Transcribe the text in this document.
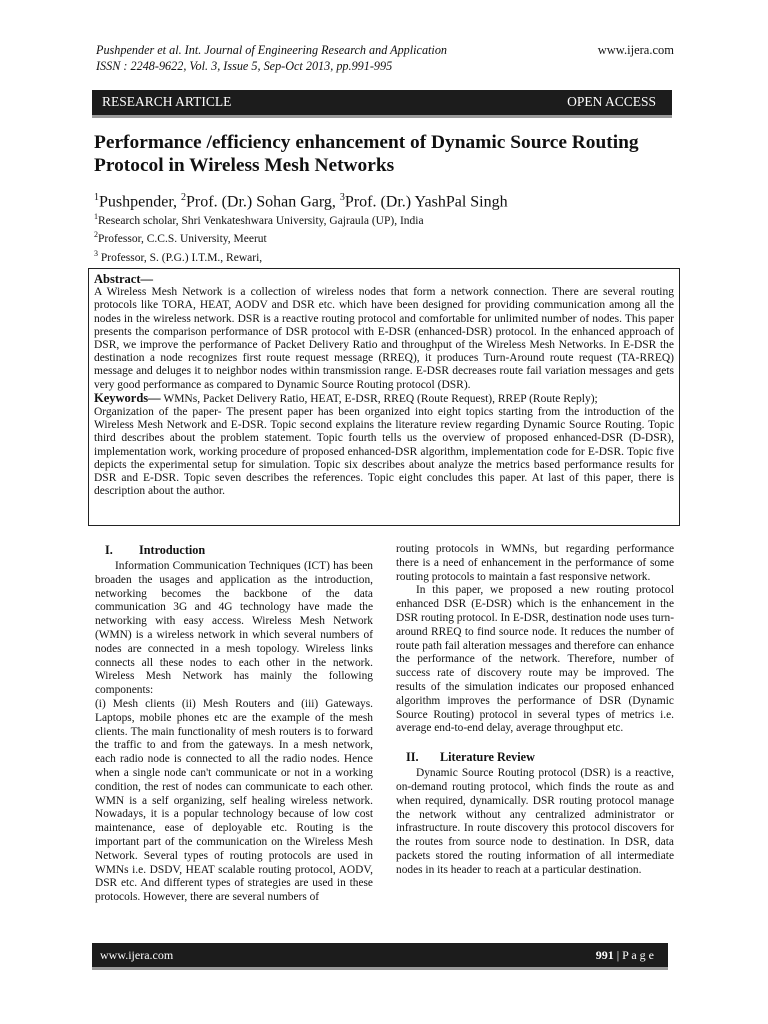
Pushpender et al. Int. Journal of Engineering Research and Application
ISSN : 2248-9622, Vol. 3, Issue 5, Sep-Oct 2013, pp.991-995
www.ijera.com
RESEARCH ARTICLE	OPEN ACCESS
Performance /efficiency enhancement of Dynamic Source Routing
Protocol in Wireless Mesh Networks
$^1$Pushpender, $^2$Prof. (Dr.) Sohan Garg, $^3$Prof. (Dr.) YashPal Singh
$^1$Research scholar, Shri Venkateshwara University, Gajraula (UP), India
$^2$Professor, C.C.S. University, Meerut
$^3$ Professor, S. (P.G.) I.T.M., Rewari,
Abstract—

A Wireless Mesh Network is a collection of wireless nodes that form a network connection. There are several routing protocols like TORA, HEAT, AODV and DSR etc. which have been designed for providing communication among all the nodes in the wireless network. DSR is a reactive routing protocol and comfortable for unlimited number of nodes. This paper presents the comparison performance of DSR protocol with E-DSR (enhanced-DSR) protocol. In the enhanced approach of DSR, we improve the performance of Packet Delivery Ratio and throughput of the Wireless Mesh Networks. In E-DSR the destination a node recognizes first route request message (RREQ), it produces Turn-Around route request (TA-RREQ) message and deluges it to neighbor nodes within transmission range. E-DSR decreases route fail variation messages and gets very good performance as compared to Dynamic Source Routing protocol (DSR).

Keywords— WMNs, Packet Delivery Ratio, HEAT, E-DSR, RREQ (Route Request), RREP (Route Reply);

Organization of the paper- The present paper has been organized into eight topics starting from the introduction of the Wireless Mesh Network and E-DSR. Topic second explains the literature review regarding Dynamic Source Routing. Topic third describes about the problem statement. Topic fourth tells us the overview of proposed enhanced-DSR (D-DSR), implementation work, working procedure of proposed enhanced-DSR algorithm, implementation code for E-DSR. Topic five depicts the experimental setup for simulation. Topic six describes about analyze the metrics based performance results for DSR and E-DSR. Topic seven describes the references. Topic eight concludes this paper. At last of this paper, there is description about the author.

I. Introduction

Information Communication Techniques (ICT) has been broaden the usages and application as the introduction, networking becomes the backbone of the data communication 3G and 4G technology have made the networking with easy access. Wireless Mesh Network (WMN) is a wireless network in which several numbers of nodes are connected in a mesh topology. Wireless links connects all these nodes to each other in the network. Wireless Mesh Network has mainly the following components:

(i) Mesh clients (ii) Mesh Routers and (iii) Gateways. Laptops, mobile phones etc are the example of the mesh clients. The main functionality of mesh routers is to forward the traffic to and from the gateways. In a mesh network, each radio node is connected to all the radio nodes. Hence when a single node can't communicate or not in a working condition, the rest of nodes can communicate to each other. WMN is a self organizing, self healing wireless network. Nowadays, it is a popular technology because of low cost maintenance, ease of deployable etc. Routing is the important part of the communication on the Wireless Mesh Network. Several types of routing protocols are used in WMNs i.e. DSDV, HEAT scalable routing protocol, AODV, DSR etc. And different types of strategies are used in these protocols. However, there are several numbers of

routing protocols in WMNs, but regarding performance there is a need of enhancement in the performance of some routing protocols to maintain a fast responsive network.

In this paper, we proposed a new routing protocol enhanced DSR (E-DSR) which is the enhancement in the DSR routing protocol. In E-DSR, destination node uses turn-around RREQ to find source node. It reduces the number of route path fail alteration messages and therefore can enhance the performance of the network. Therefore, number of success rate of discovery route may be improved. The results of the simulation indicates our proposed enhanced algorithm improves the performance of DSR (Dynamic Source Routing) protocol in several types of metrics i.e. average end-to-end delay, average throughput etc.

II. Literature Review

Dynamic Source Routing protocol (DSR) is a reactive, on-demand routing protocol, which finds the route as and when required, dynamically. DSR routing protocol manage the network without any centralized administrator or infrastructure. In route discovery this protocol discovers for the routes from source node to destination. In DSR, data packets stored the routing information of all intermediate nodes in its header to reach at a particular destination.

www.ijera.com	991 | P a g e
